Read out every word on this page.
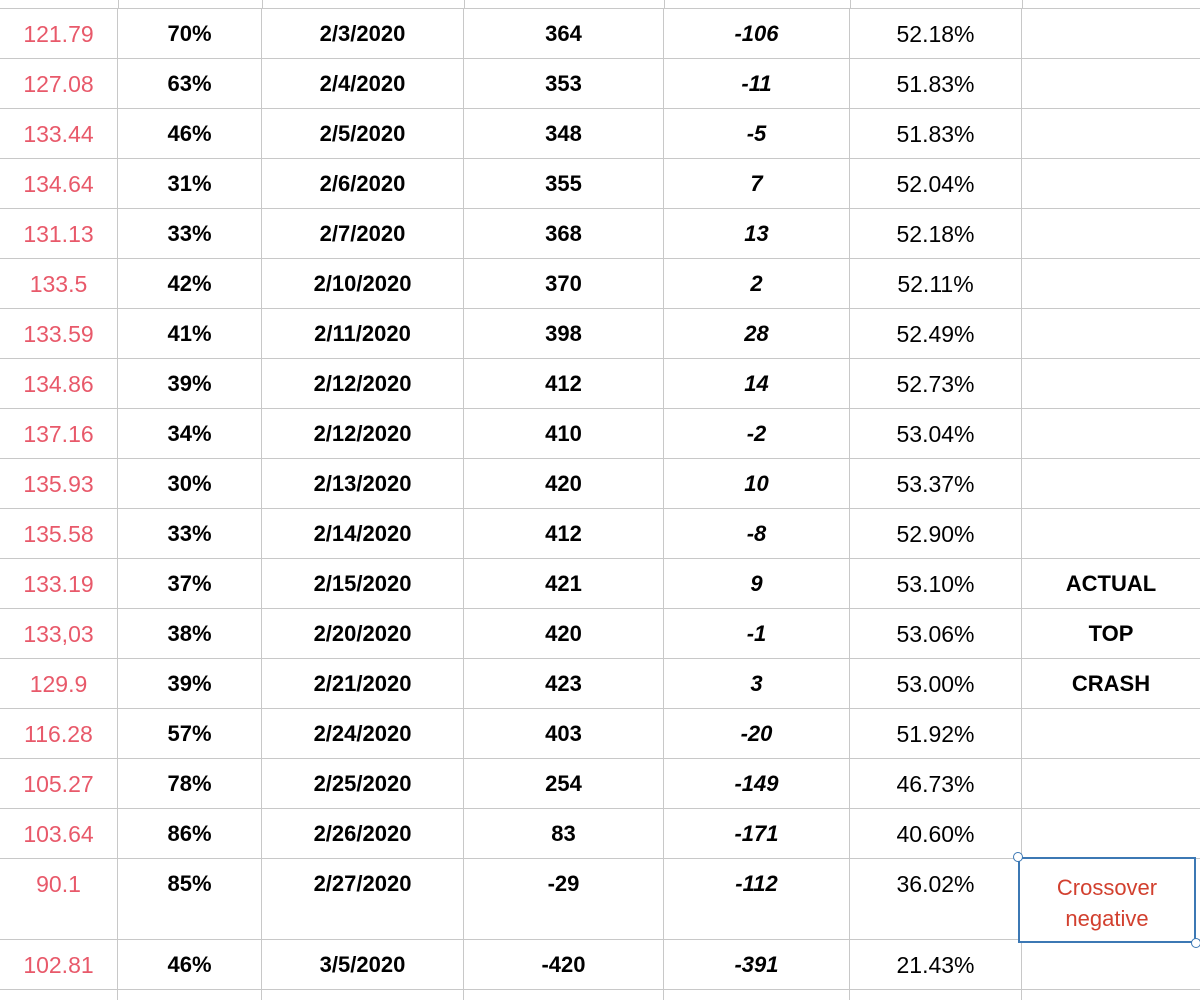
121.79	70%	2/3/2020	364	-106	52.18%
127.08	63%	2/4/2020	353	-11	51.83%
133.44	46%	2/5/2020	348	-5	51.83%
134.64	31%	2/6/2020	355	7	52.04%
131.13	33%	2/7/2020	368	13	52.18%
133.5	42%	2/10/2020	370	2	52.11%
133.59	41%	2/11/2020	398	28	52.49%
134.86	39%	2/12/2020	412	14	52.73%
137.16	34%	2/12/2020	410	-2	53.04%
135.93	30%	2/13/2020	420	10	53.37%
135.58	33%	2/14/2020	412	-8	52.90%
133.19	37%	2/15/2020	421	9	53.10%	ACTUAL
133,03	38%	2/20/2020	420	-1	53.06%	TOP
129.9	39%	2/21/2020	423	3	53.00%	CRASH
116.28	57%	2/24/2020	403	-20	51.92%
105.27	78%	2/25/2020	254	-149	46.73%
103.64	86%	2/26/2020	83	-171	40.60%
90.1	85%	2/27/2020	-29	-112	36.02%
102.81	46%	3/5/2020	-420	-391	21.43%
Crossover
negative
